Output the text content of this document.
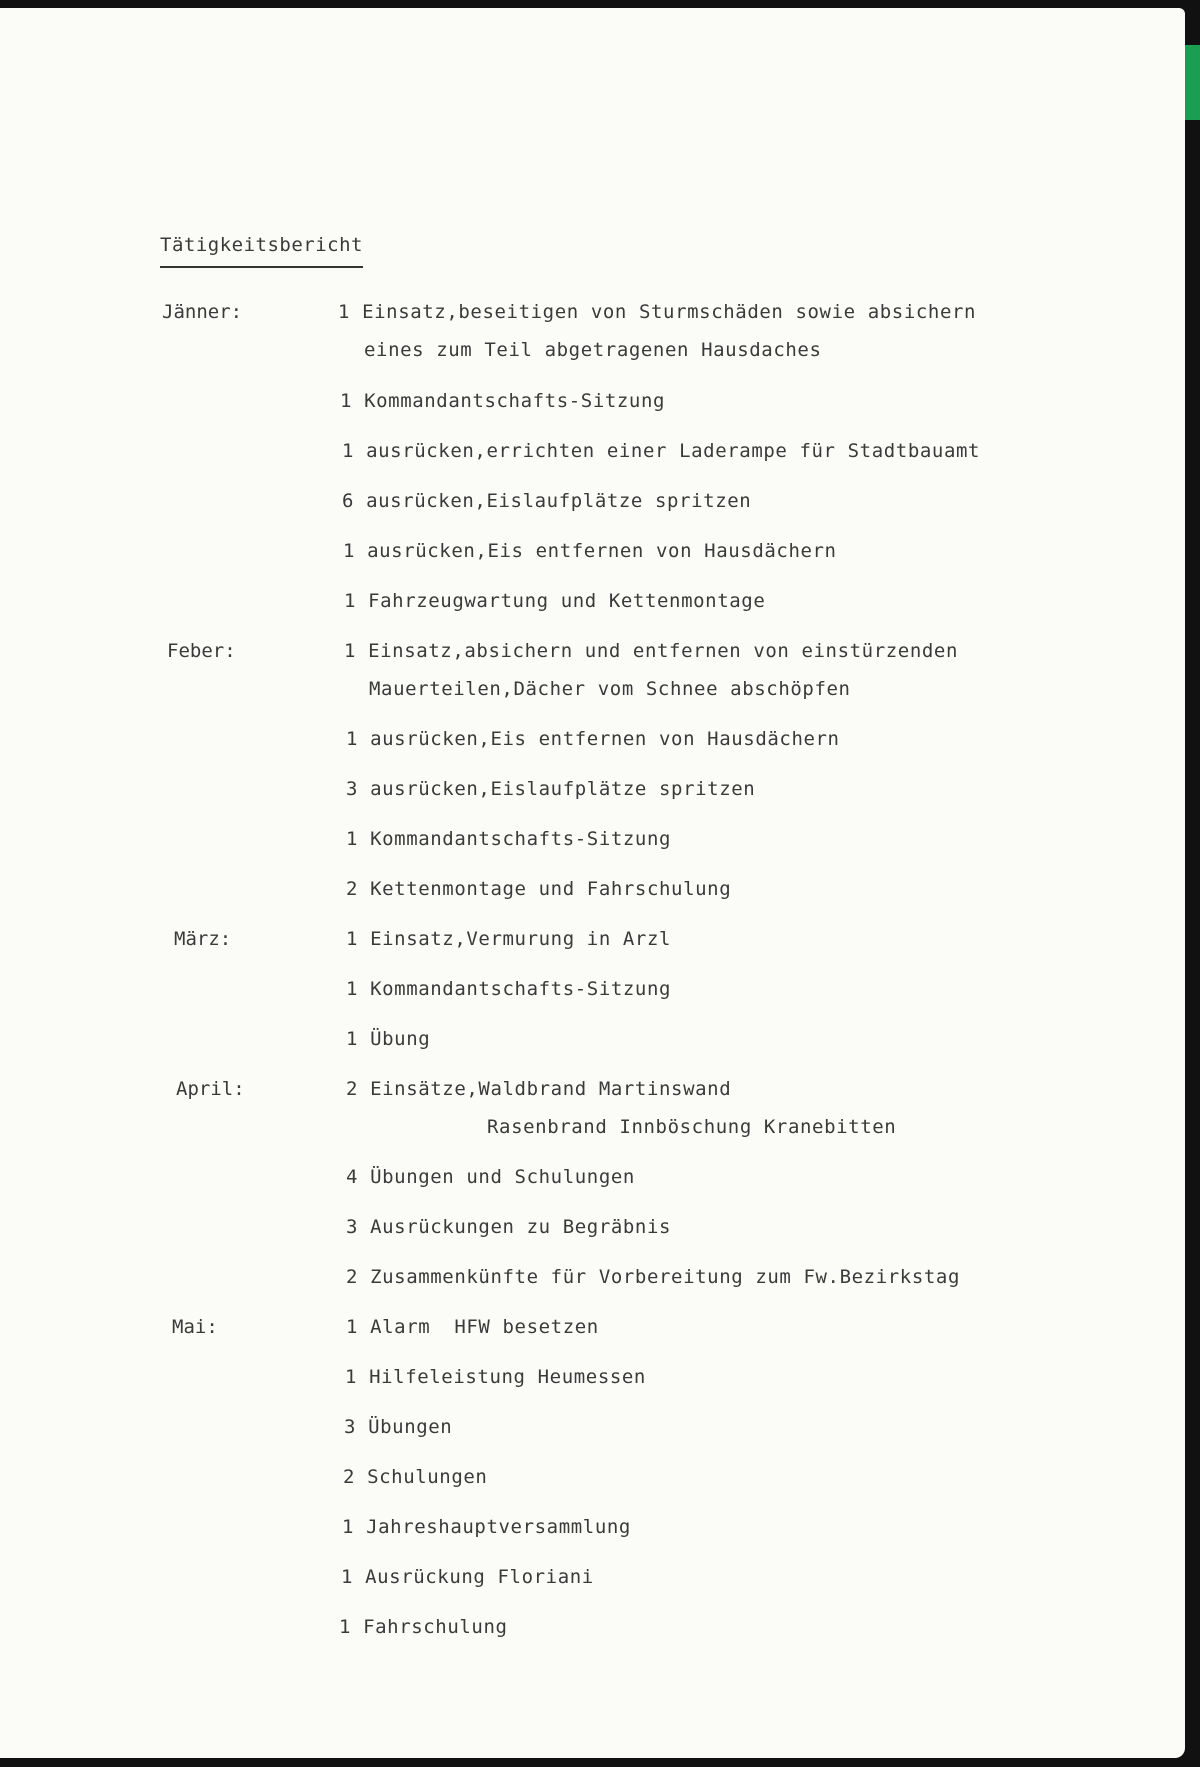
Tätigkeitsbericht
Jänner:	1 Einsatz,beseitigen von Sturmschäden sowie absichern
eines zum Teil abgetragenen Hausdaches
1 Kommandantschafts-Sitzung
1 ausrücken,errichten einer Laderampe für Stadtbauamt
6 ausrücken,Eislaufplätze spritzen
1 ausrücken,Eis entfernen von Hausdächern
1 Fahrzeugwartung und Kettenmontage
Feber:	1 Einsatz,absichern und entfernen von einstürzenden
Mauerteilen,Dächer vom Schnee abschöpfen
1 ausrücken,Eis entfernen von Hausdächern
3 ausrücken,Eislaufplätze spritzen
1 Kommandantschafts-Sitzung
2 Kettenmontage und Fahrschulung
März:	1 Einsatz,Vermurung in Arzl
1 Kommandantschafts-Sitzung
1 Übung
April:	2 Einsätze,Waldbrand Martinswand
Rasenbrand Innböschung Kranebitten
4 Übungen und Schulungen
3 Ausrückungen zu Begräbnis
2 Zusammenkünfte für Vorbereitung zum Fw.Bezirkstag
Mai:	1 Alarm  HFW besetzen
1 Hilfeleistung Heumessen
3 Übungen
2 Schulungen
1 Jahreshauptversammlung
1 Ausrückung Floriani
1 Fahrschulung
